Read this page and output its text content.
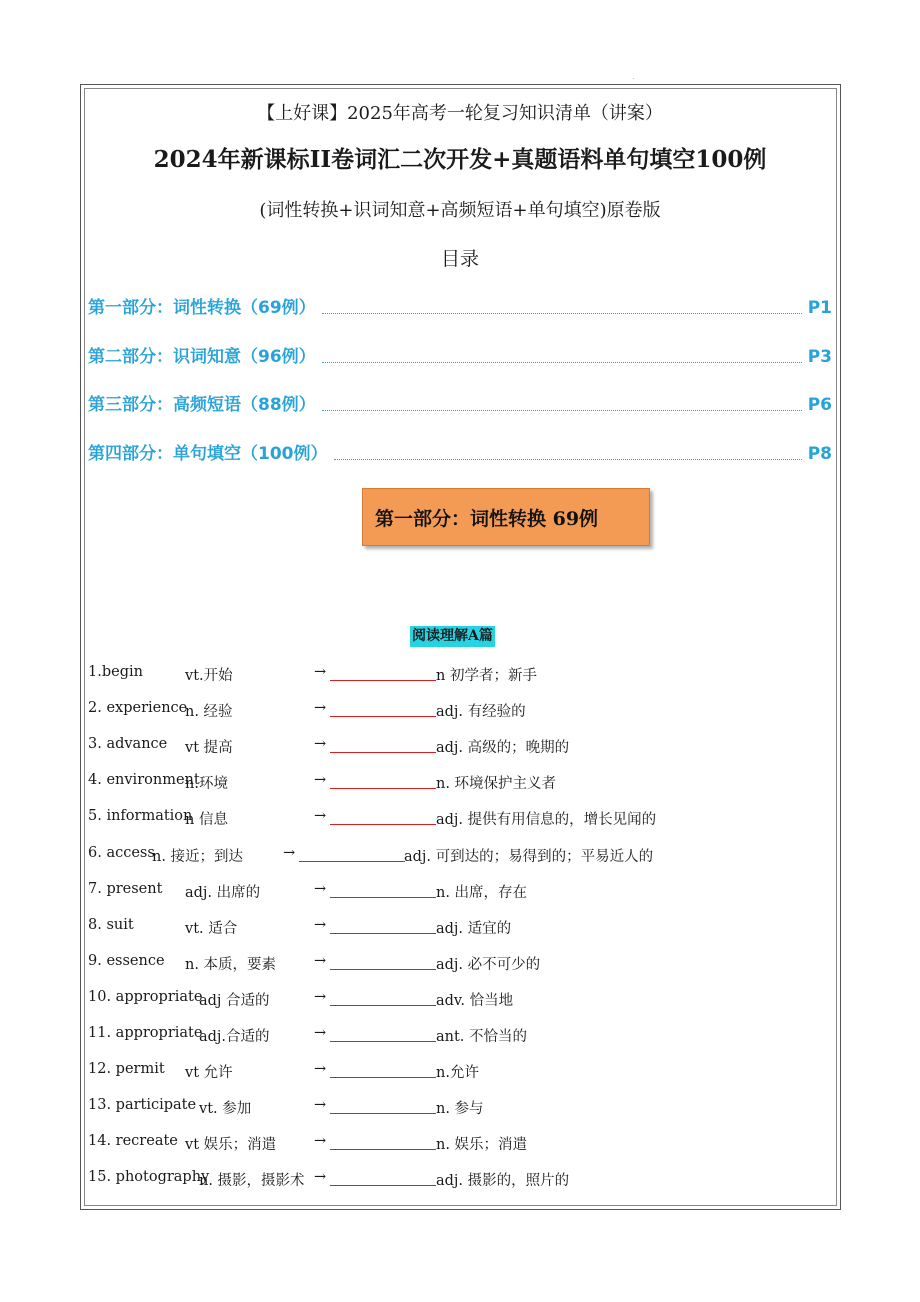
.
【上好课】2025年高考一轮复习知识清单（讲案）
2024年新课标II卷词汇二次开发+真题语料单句填空100例
(词性转换+识词知意+高频短语+单句填空)原卷版
目录
第一部分：词性转换（69例）	P1
第二部分：识词知意（96例）	P3
第三部分：高频短语（88例）	P6
第四部分：单句填空（100例）	P8
第一部分：词性转换 69例
阅读理解A篇
1.begin	vt.开始	→	n 初学者；新手
2. experience
n. 经验	→	adj. 有经验的
3. advance vt 提高	→	adj. 高级的；晚期的
4. environment
n.环境	→	n. 环境保护主义者
5. information
n 信息	→	adj. 提供有用信息的，增长见闻的
6. access
n. 接近；到达	→	adj. 可到达的；易得到的；平易近人的
7. present adj. 出席的	→	n. 出席，存在
8. suit	vt. 适合	→	adj. 适宜的
9. essence n. 本质，要素	→	adj. 必不可少的
10. appropriate
adj 合适的	→	adv. 恰当地
11. appropriate
adj.合适的	→	ant. 不恰当的
12. permit vt 允许	→	n.允许
13. participate vt. 参加	→	n. 参与
14. recreate vt 娱乐；消遣	→	n. 娱乐；消遣
15. photography
n. 摄影，摄影术 →	adj. 摄影的，照片的
